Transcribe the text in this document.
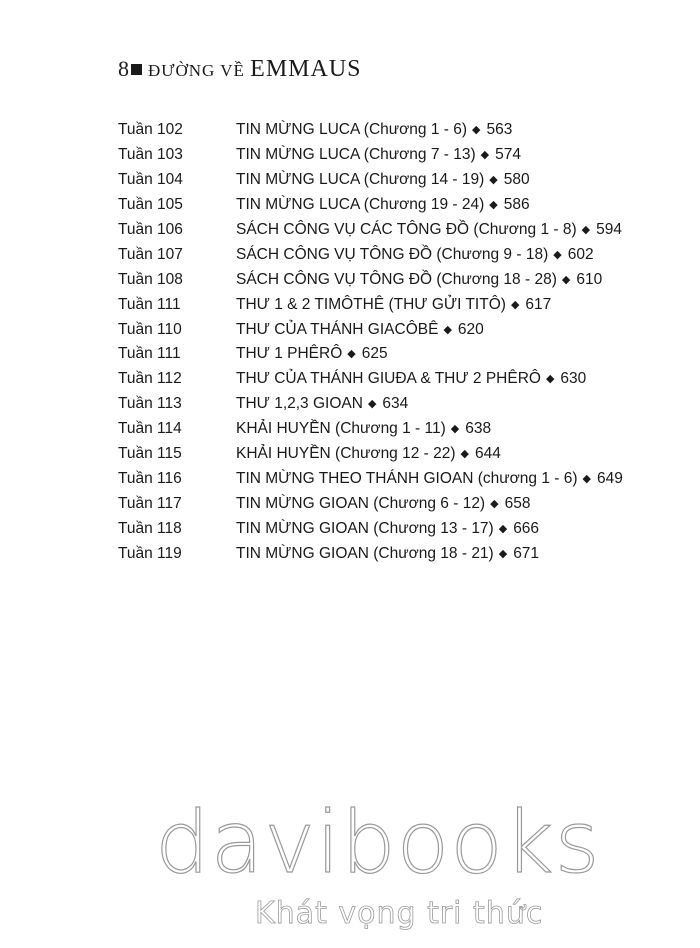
8 ĐƯỜNG VỀ EMMAUS
Tuần 102	TIN MỪNG LUCA (Chương 1 - 6) ◆ 563
Tuần 103	TIN MỪNG LUCA (Chương 7 - 13) ◆ 574
Tuần 104	TIN MỪNG LUCA (Chương 14 - 19) ◆ 580
Tuần 105	TIN MỪNG LUCA (Chương 19 - 24) ◆ 586
Tuần 106	SÁCH CÔNG VỤ CÁC TÔNG ĐỒ (Chương 1 - 8) ◆ 594
Tuần 107	SÁCH CÔNG VỤ TÔNG ĐỒ (Chương 9 - 18) ◆ 602
Tuần 108	SÁCH CÔNG VỤ TÔNG ĐỒ (Chương 18 - 28) ◆ 610
Tuần 111	THƯ 1 & 2 TIMÔTHÊ (THƯ GỬI TITÔ) ◆ 617
Tuần 110	THƯ CỦA THÁNH GIACÔBÊ ◆ 620
Tuần 111	THƯ 1 PHÊRÔ ◆ 625
Tuần 112	THƯ CỦA THÁNH GIUĐA & THƯ 2 PHÊRÔ ◆ 630
Tuần 113	THƯ 1,2,3 GIOAN ◆ 634
Tuần 114	KHẢI HUYỀN (Chương 1 - 11) ◆ 638
Tuần 115	KHẢI HUYỀN (Chương 12 - 22) ◆ 644
Tuần 116	TIN MỪNG THEO THÁNH GIOAN (chương 1 - 6) ◆ 649
Tuần 117	TIN MỪNG GIOAN (Chương 6 - 12) ◆ 658
Tuần 118	TIN MỪNG GIOAN (Chương 13 - 17) ◆ 666
Tuần 119	TIN MỪNG GIOAN (Chương 18 - 21) ◆ 671
davibooks
Khát vọng tri thức
